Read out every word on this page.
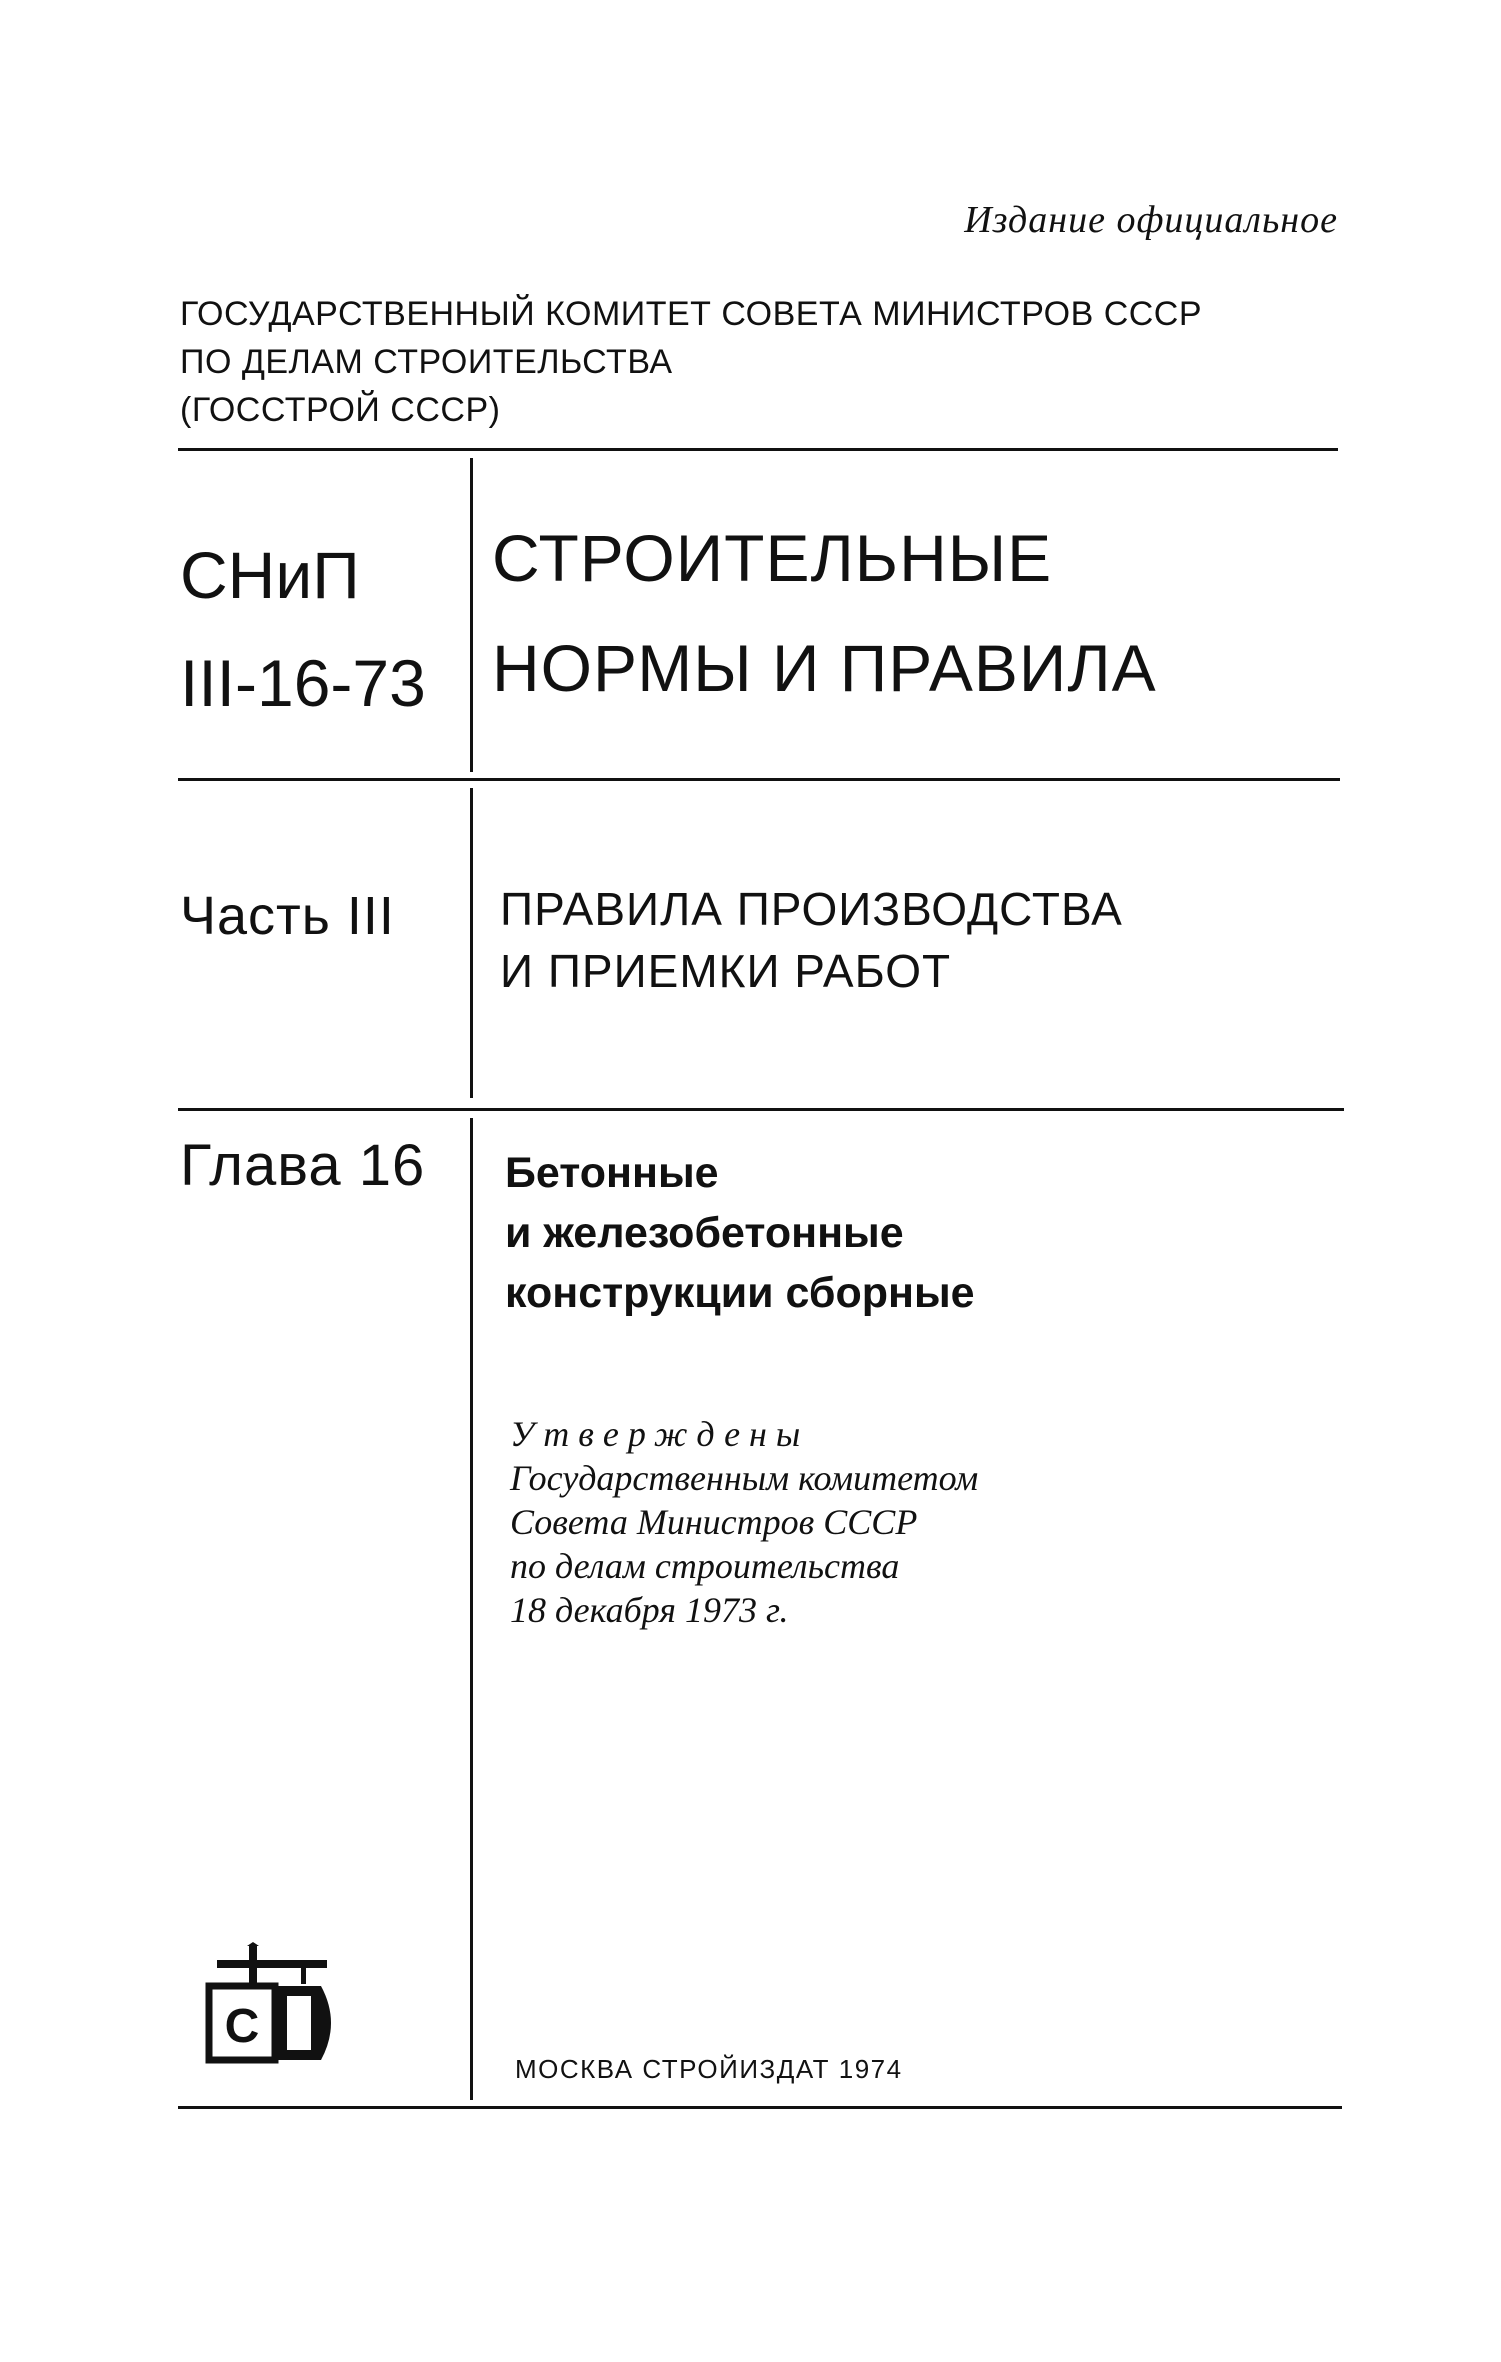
Издание официальное
ГОСУДАРСТВЕННЫЙ КОМИТЕТ СОВЕТА МИНИСТРОВ СССР
ПО ДЕЛАМ СТРОИТЕЛЬСТВА
(ГОССТРОЙ СССР)
СНиП
III-16-73
СТРОИТЕЛЬНЫЕ
НОРМЫ И ПРАВИЛА
Часть III ПРАВИЛА ПРОИЗВОДСТВА
И ПРИЕМКИ РАБОТ
Глава 16 Бетонные
и железобетонные
конструкции сборные
Утверждены
Государственным комитетом
Совета Министров СССР
по делам строительства
18 декабря 1973 г.
С
МОСКВА СТРОЙИЗДАТ 1974
